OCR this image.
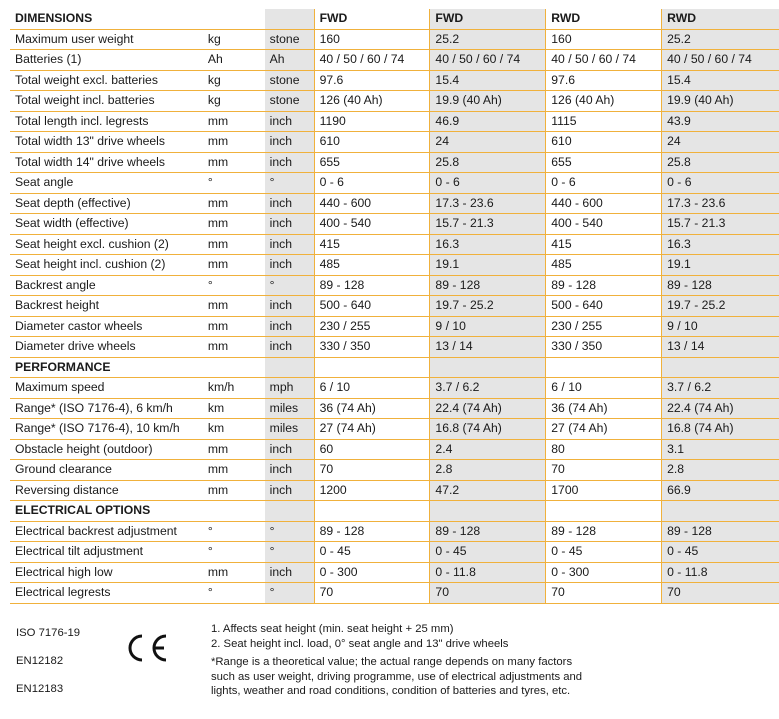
DIMENSIONS			FWD	FWD	RWD	RWD
Maximum user weight	kg	stone	160	25.2	160	25.2
Batteries (1)	Ah	Ah	40 / 50 / 60 / 74	40 / 50 / 60 / 74	40 / 50 / 60 / 74	40 / 50 / 60 / 74
Total weight excl. batteries	kg	stone	97.6	15.4	97.6	15.4
Total weight incl. batteries	kg	stone	126 (40 Ah)	19.9 (40 Ah)	126 (40 Ah)	19.9 (40 Ah)
Total length incl. legrests	mm	inch	1190	46.9	1115	43.9
Total width 13" drive wheels	mm	inch	610	24	610	24
Total width 14" drive wheels	mm	inch	655	25.8	655	25.8
Seat angle	°	°	0 - 6	0 - 6	0 - 6	0 - 6
Seat depth (effective)	mm	inch	440 - 600	17.3 - 23.6	440 - 600	17.3 - 23.6
Seat width (effective)	mm	inch	400 - 540	15.7 - 21.3	400 - 540	15.7 - 21.3
Seat height excl. cushion (2)	mm	inch	415	16.3	415	16.3
Seat height incl. cushion (2)	mm	inch	485	19.1	485	19.1
Backrest angle	°	°	89 - 128	89 - 128	89 - 128	89 - 128
Backrest height	mm	inch	500 - 640	19.7 - 25.2	500 - 640	19.7 - 25.2
Diameter castor wheels	mm	inch	230 / 255	9 / 10	230 / 255	9 / 10
Diameter drive wheels	mm	inch	330 / 350	13 / 14	330 / 350	13 / 14
PERFORMANCE						
Maximum speed	km/h	mph	6 / 10	3.7 / 6.2	6 / 10	3.7 / 6.2
Range* (ISO 7176-4), 6 km/h	km	miles	36 (74 Ah)	22.4 (74 Ah)	36 (74 Ah)	22.4 (74 Ah)
Range* (ISO 7176-4), 10 km/h	km	miles	27 (74 Ah)	16.8 (74 Ah)	27 (74 Ah)	16.8 (74 Ah)
Obstacle height (outdoor)	mm	inch	60	2.4	80	3.1
Ground clearance	mm	inch	70	2.8	70	2.8
Reversing distance	mm	inch	1200	47.2	1700	66.9
ELECTRICAL OPTIONS						
Electrical backrest adjustment	°	°	89 - 128	89 - 128	89 - 128	89 - 128
Electrical tilt adjustment	°	°	0 - 45	0 - 45	0 - 45	0 - 45
Electrical high low	mm	inch	0 - 300	0 - 11.8	0 - 300	0 - 11.8
Electrical legrests	°	°	70	70	70	70
ISO 7176-19
EN12182
EN12183

1. Affects seat height (min. seat height + 25 mm)

2. Seat height incl. load, 0° seat angle and 13" drive wheels

*Range is a theoretical value; the actual range depends on many factors such as user weight, driving programme, use of electrical adjustments and lights, weather and road conditions, condition of batteries and tyres, etc.
